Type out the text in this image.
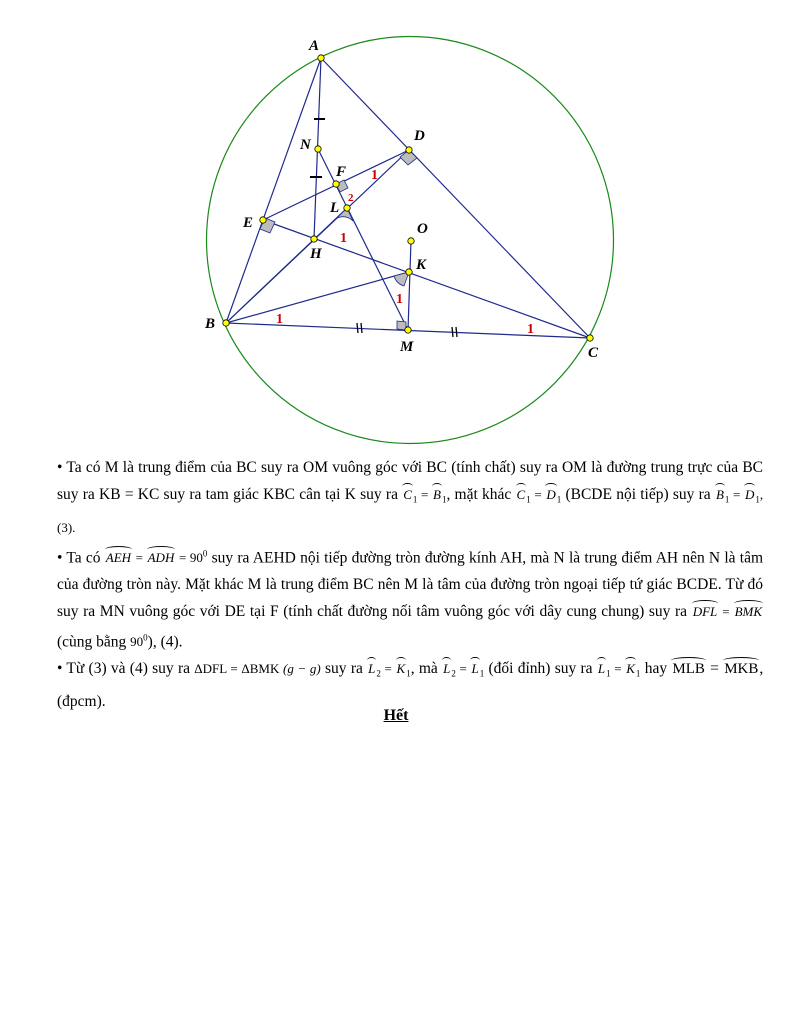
A
N
D
F
L
E
H
O
K
B
M	C
1
2
1
1
1
1

• Ta có M là trung điểm của BC suy ra OM vuông góc với BC (tính chất) suy ra OM là đường trung trực của BC suy ra KB = KC suy ra tam giác KBC cân tại K suy ra $C_1 = B_1$, mặt khác $C_1 = D_1$ (BCDE nội tiếp) suy ra $B_1 = D_1$, (3).

• Ta có AEH = ADH = $90^0$ suy ra AEHD nội tiếp đường tròn đường kính AH, mà N là trung điểm AH nên N là tâm của đường tròn này. Mặt khác M là trung điểm BC nên M là tâm của đường tròn ngoại tiếp tứ giác BCDE. Từ đó suy ra MN vuông góc với DE tại F (tính chất đường nối tâm vuông góc với dây cung chung) suy ra DFL = BMK (cùng bằng $90^0$), (4).

• Từ (3) và (4) suy ra ΔDFL = ΔBMK (g − g) suy ra $L_2 = K_1$, mà $L_2 = L_1$ (đối đỉnh) suy ra $L_1 = K_1$ hay MLB = MKB, (đpcm).

Hết
